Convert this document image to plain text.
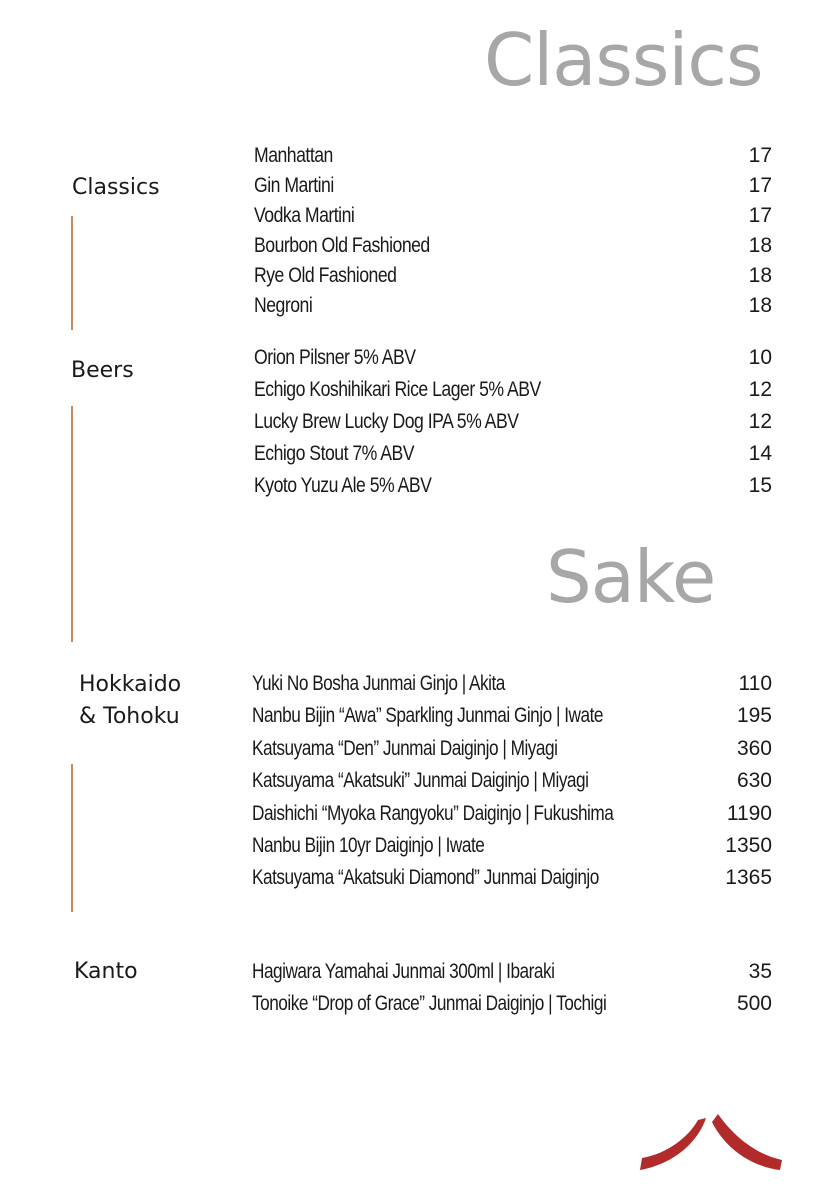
Classics
Classics
Manhattan	17
Gin Martini	17
Vodka Martini	17
Bourbon Old Fashioned	18
Rye Old Fashioned	18
Negroni	18
Beers
Orion Pilsner 5% ABV	10
Echigo Koshihikari Rice Lager 5% ABV	12
Lucky Brew Lucky Dog IPA 5% ABV	12
Echigo Stout 7% ABV	14
Kyoto Yuzu Ale 5% ABV	15
Sake
Hokkaido
& Tohoku
Yuki No Bosha Junmai Ginjo | Akita	110
Nanbu Bijin “Awa” Sparkling Junmai Ginjo | Iwate	195
Katsuyama “Den” Junmai Daiginjo | Miyagi	360
Katsuyama “Akatsuki” Junmai Daiginjo | Miyagi	630
Daishichi “Myoka Rangyoku” Daiginjo | Fukushima	1190
Nanbu Bijin 10yr Daiginjo | Iwate	1350
Katsuyama “Akatsuki Diamond” Junmai Daiginjo	1365
Kanto	Hagiwara Yamahai Junmai 300ml | Ibaraki	35
Tonoike “Drop of Grace” Junmai Daiginjo | Tochigi	500
